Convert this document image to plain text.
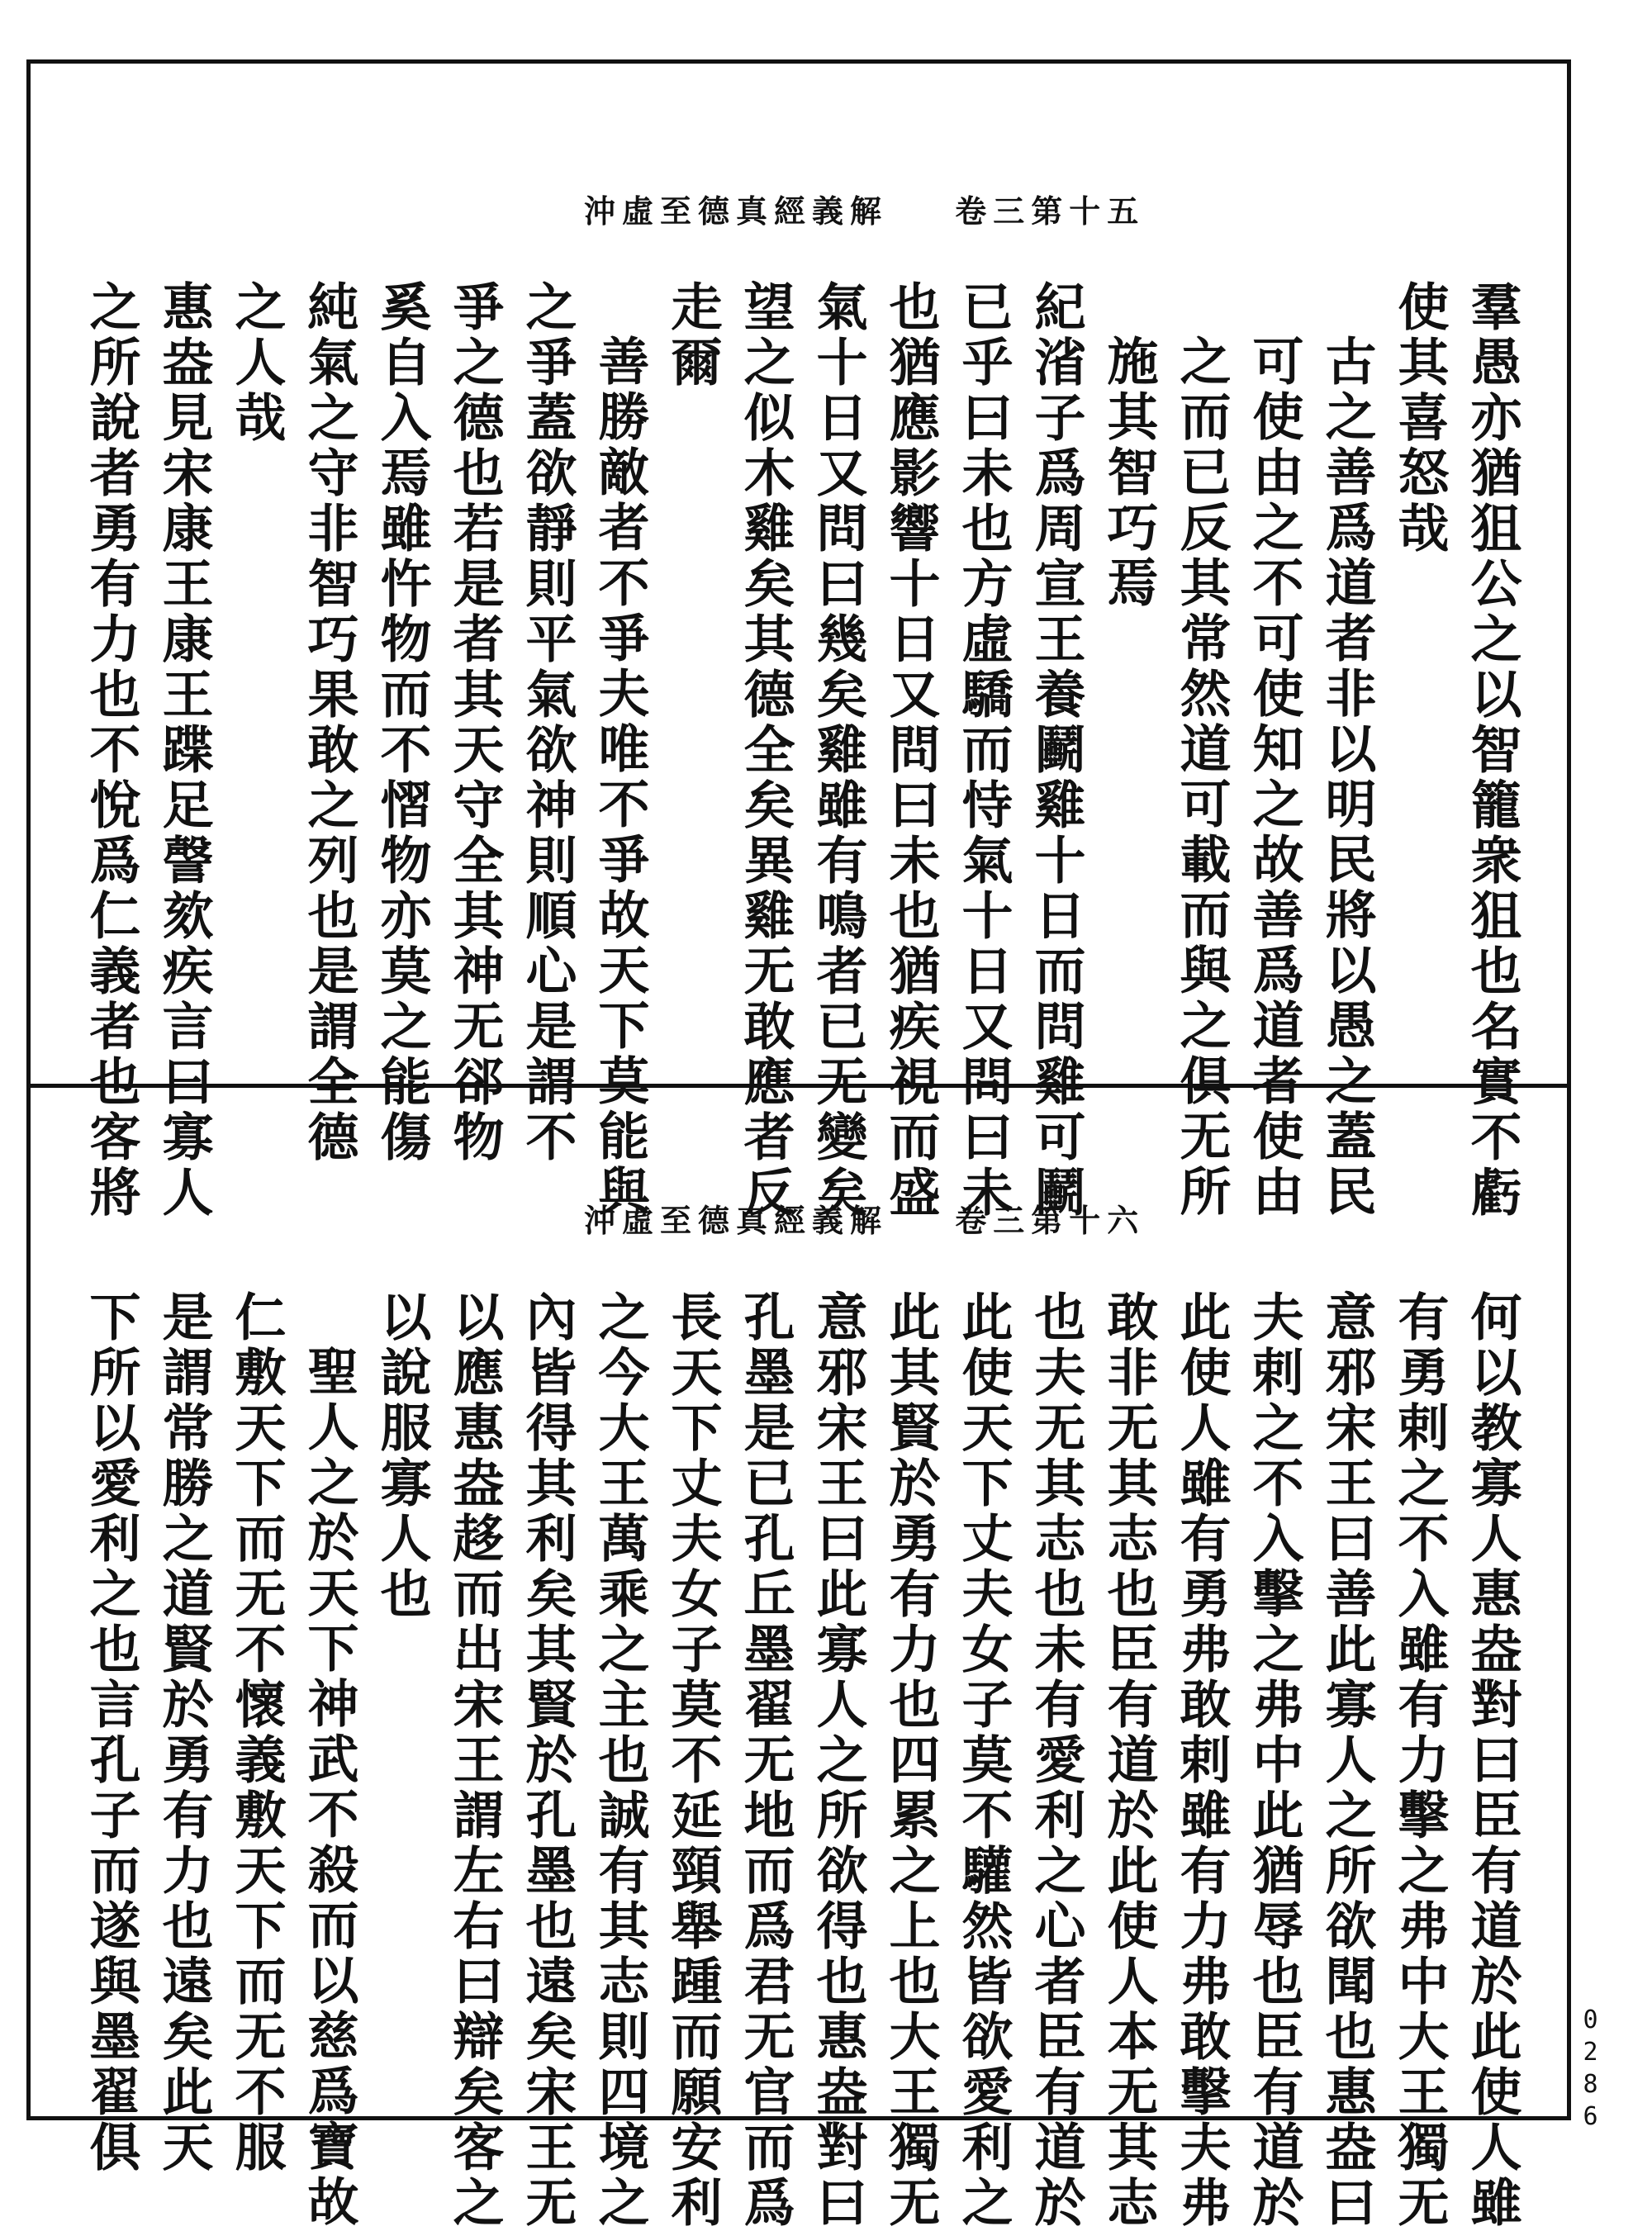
沖虛至德真經義解 卷三第十五
羣愚亦猶狙公之以智籠衆狙也名實不虧
使其喜怒哉
古之善爲道者非以明民將以愚之蓋民
可使由之不可使知之故善爲道者使由
之而已反其常然道可載而與之俱无所
施其智巧焉
紀渻子爲周宣王養鬬雞十日而問雞可鬬
已乎曰未也方虛驕而恃氣十日又問曰未
也猶應影響十日又問曰未也猶疾視而盛
氣十日又問曰幾矣雞雖有鳴者已无變矣
望之似木雞矣其德全矣異雞无敢應者反
走爾
善勝敵者不爭夫唯不爭故天下莫能與
之爭蓋欲靜則平氣欲神則順心是謂不
爭之德也若是者其天守全其神无郤物
奚自入焉雖忤物而不慴物亦莫之能傷
純氣之守非智巧果敢之列也是謂全德
之人哉
惠盎見宋康王康王蹀足謦欬疾言曰寡人
之所說者勇有力也不悅爲仁義者也客將	沖虛至德真經義解 卷三第十六
何以教寡人惠盎對曰臣有道於此使人雖
有勇剌之不入雖有力擊之弗中大王獨无
意邪宋王曰善此寡人之所欲聞也惠盎曰
夫剌之不入擊之弗中此猶辱也臣有道於
此使人雖有勇弗敢剌雖有力弗敢擊夫弗
敢非无其志也臣有道於此使人本无其志
也夫无其志也未有愛利之心者臣有道於
此使天下丈夫女子莫不驩然皆欲愛利之
此其賢於勇有力也四累之上也大王獨无
意邪宋王曰此寡人之所欲得也惠盎對曰
孔墨是已孔丘墨翟无地而爲君无官而爲
長天下丈夫女子莫不延頸舉踵而願安利
之今大王萬乘之主也誠有其志則四境之
內皆得其利矣其賢於孔墨也遠矣宋王无
以應惠盎趍而出宋王謂左右曰辯矣客之
以說服寡人也
聖人之於天下神武不殺而以慈爲寶故
仁敷天下而无不懷義敷天下而无不服
是謂常勝之道賢於勇有力也遠矣此天
下所以愛利之也言孔子而遂與墨翟俱	0286
